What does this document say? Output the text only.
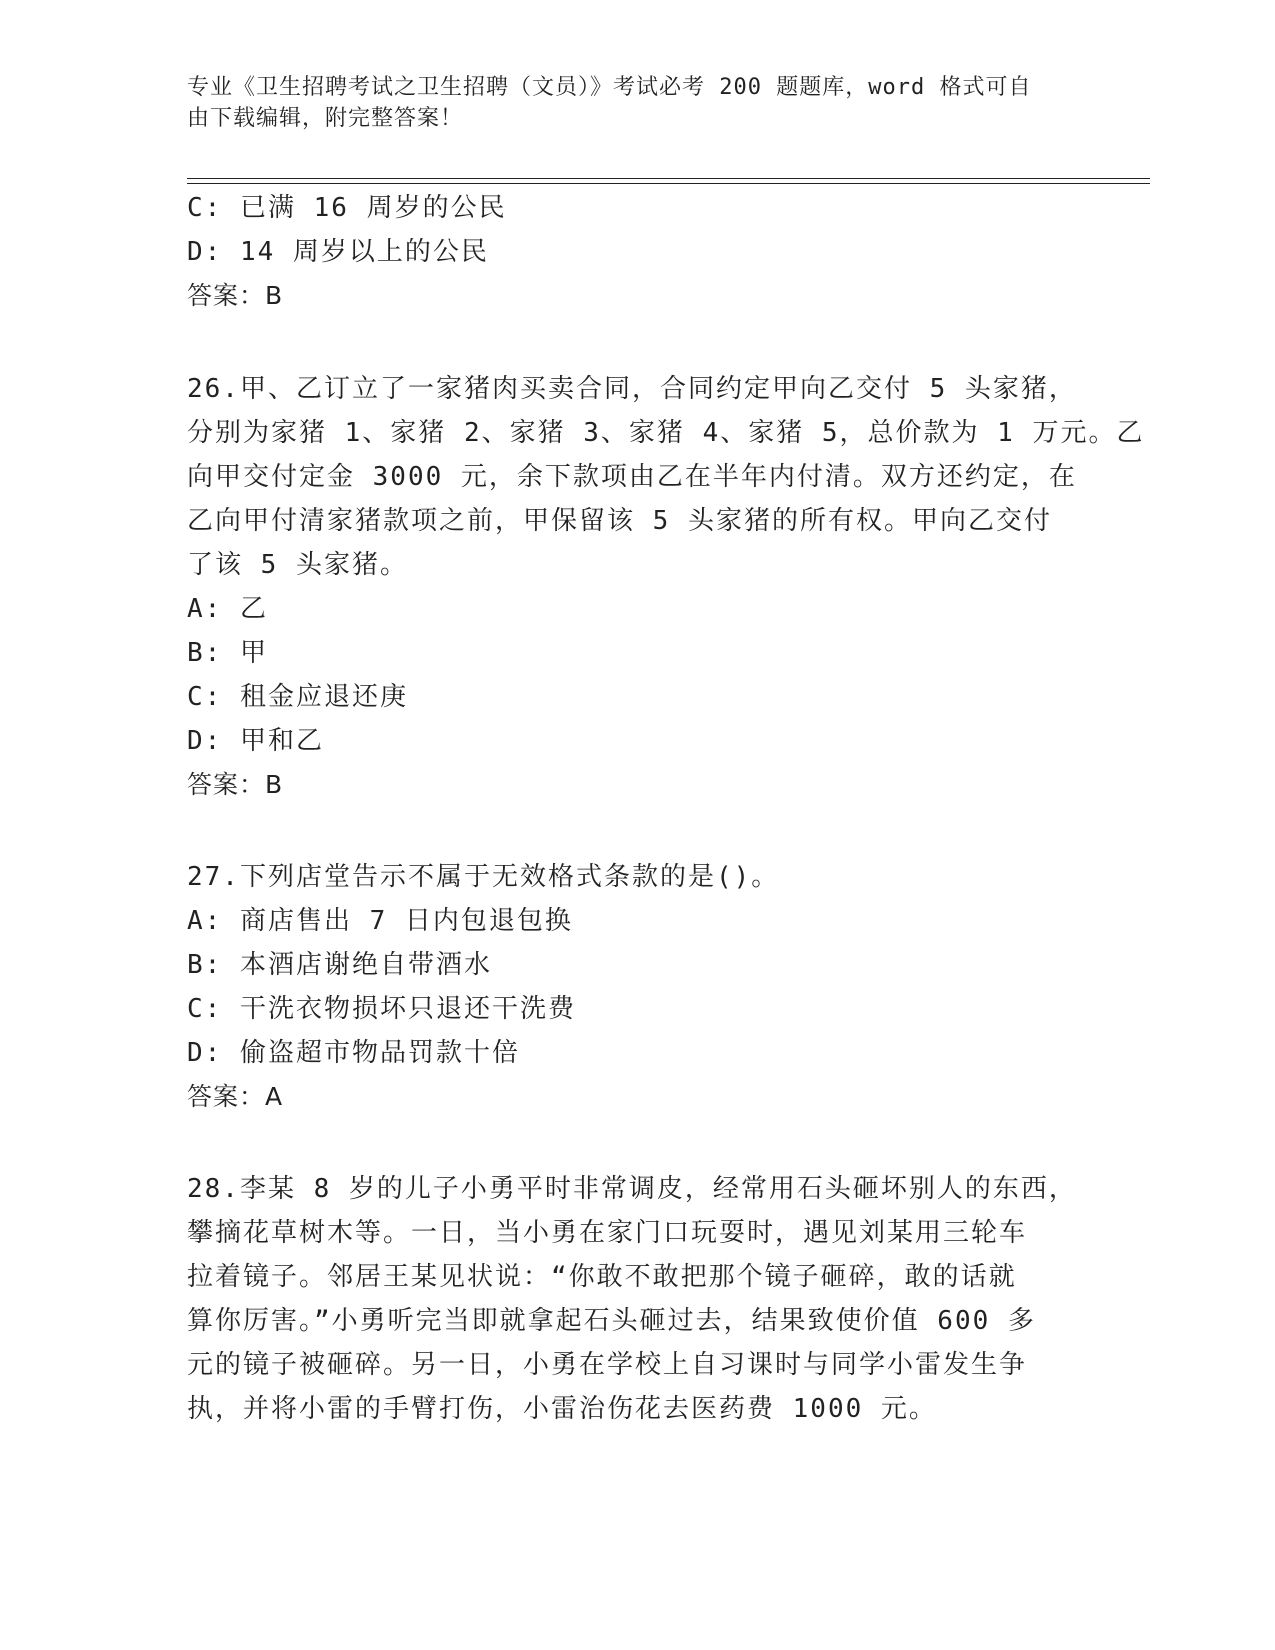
专业《卫生招聘考试之卫生招聘（文员）》考试必考 200 题题库，word 格式可自
由下载编辑，附完整答案！
C: 已满 16 周岁的公民
D: 14 周岁以上的公民
答案：B
26.甲、乙订立了一家猪肉买卖合同，合同约定甲向乙交付 5 头家猪，
分别为家猪 1、家猪 2、家猪 3、家猪 4、家猪 5，总价款为 1 万元。乙
向甲交付定金 3000 元，余下款项由乙在半年内付清。双方还约定，在
乙向甲付清家猪款项之前，甲保留该 5 头家猪的所有权。甲向乙交付
了该 5 头家猪。
A: 乙
B: 甲
C: 租金应退还庚
D: 甲和乙
答案：B
27.下列店堂告示不属于无效格式条款的是()。
A: 商店售出 7 日内包退包换
B: 本酒店谢绝自带酒水
C: 干洗衣物损坏只退还干洗费
D: 偷盗超市物品罚款十倍
答案：A
28.李某 8 岁的儿子小勇平时非常调皮，经常用石头砸坏别人的东西，
攀摘花草树木等。一日，当小勇在家门口玩耍时，遇见刘某用三轮车
拉着镜子。邻居王某见状说：“你敢不敢把那个镜子砸碎，敢的话就
算你厉害。”小勇听完当即就拿起石头砸过去，结果致使价值 600 多
元的镜子被砸碎。另一日，小勇在学校上自习课时与同学小雷发生争
执，并将小雷的手臂打伤，小雷治伤花去医药费 1000 元。
